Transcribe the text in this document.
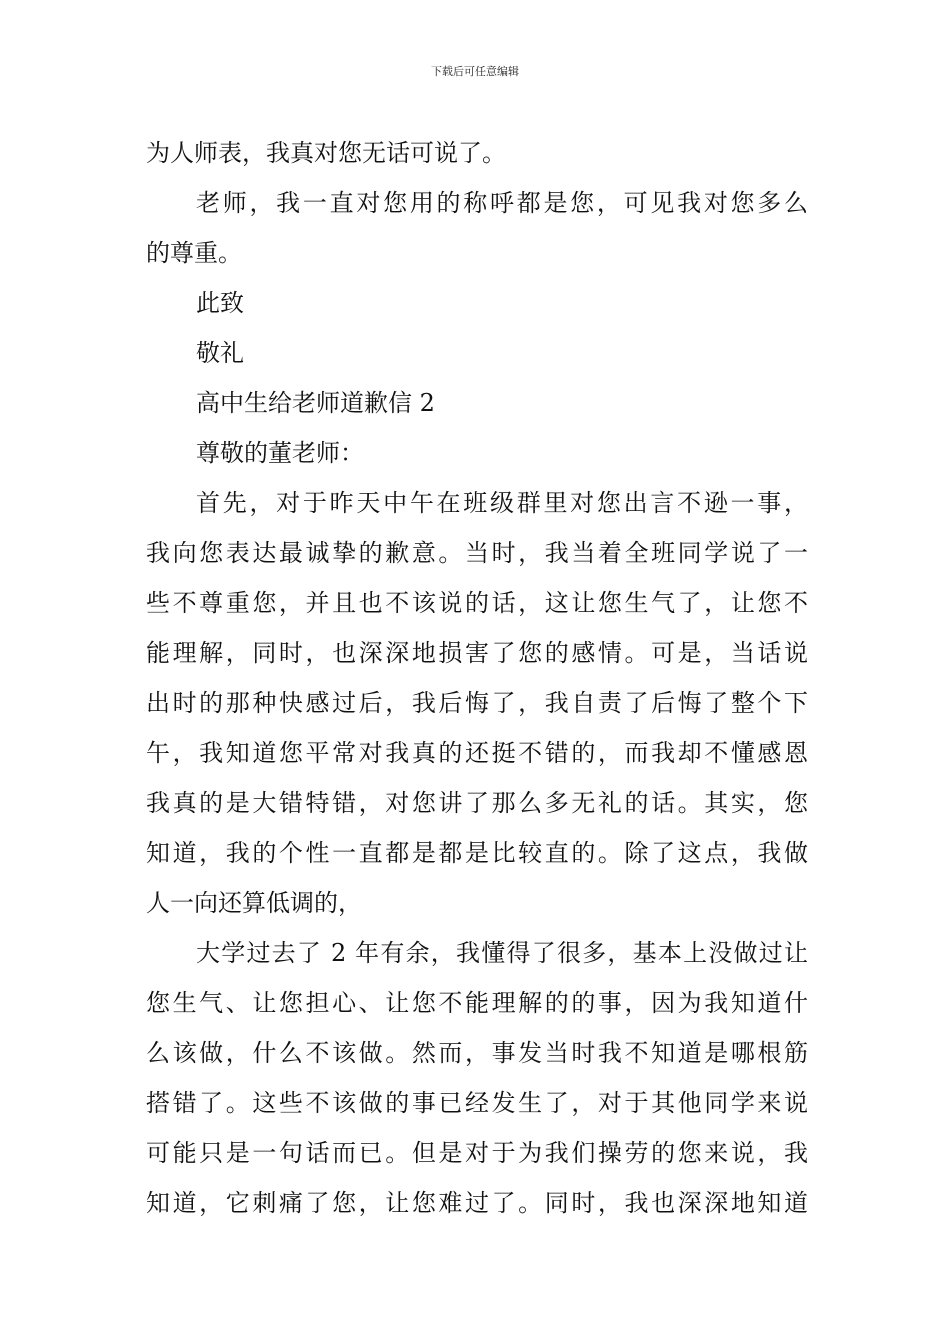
下载后可任意编辑
为人师表，我真对您无话可说了。
老师，我一直对您用的称呼都是您，可见我对您多么
的尊重。
此致
敬礼
高中生给老师道歉信 2
尊敬的董老师：
首先，对于昨天中午在班级群里对您出言不逊一事，
我向您表达最诚挚的歉意。当时，我当着全班同学说了一
些不尊重您，并且也不该说的话，这让您生气了，让您不
能理解，同时，也深深地损害了您的感情。可是，当话说
出时的那种快感过后，我后悔了，我自责了后悔了整个下
午，我知道您平常对我真的还挺不错的，而我却不懂感恩
我真的是大错特错，对您讲了那么多无礼的话。其实，您
知道，我的个性一直都是都是比较直的。除了这点，我做
人一向还算低调的，
大学过去了 2 年有余，我懂得了很多，基本上没做过让
您生气、让您担心、让您不能理解的的事，因为我知道什
么该做，什么不该做。然而，事发当时我不知道是哪根筋
搭错了。这些不该做的事已经发生了，对于其他同学来说
可能只是一句话而已。但是对于为我们操劳的您来说，我
知道，它刺痛了您，让您难过了。同时，我也深深地知道
